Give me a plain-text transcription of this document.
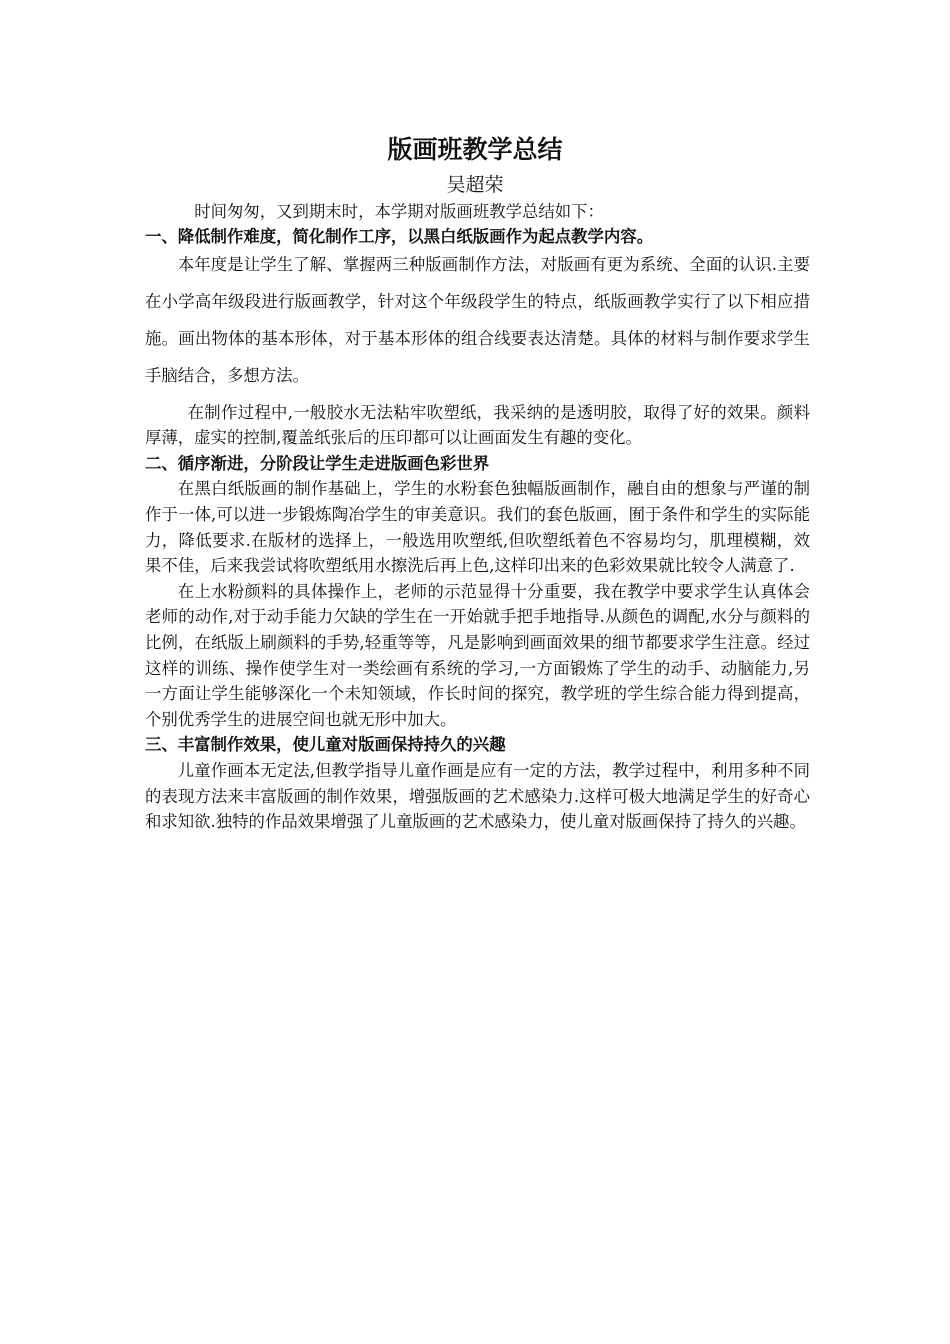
版画班教学总结
吴超荣

时间匆匆，又到期末时，本学期对版画班教学总结如下：

一、降低制作难度，简化制作工序，以黑白纸版画作为起点教学内容。

本年度是让学生了解、掌握两三种版画制作方法，对版画有更为系统、全面的认识.主要在小学高年级段进行版画教学，针对这个年级段学生的特点，纸版画教学实行了以下相应措施。画出物体的基本形体，对于基本形体的组合线要表达清楚。具体的材料与制作要求学生手脑结合，多想方法。

在制作过程中,一般胶水无法粘牢吹塑纸，我采纳的是透明胶，取得了好的效果。颜料厚薄，虚实的控制,覆盖纸张后的压印都可以让画面发生有趣的变化。

二、循序渐进，分阶段让学生走进版画色彩世界

在黑白纸版画的制作基础上，学生的水粉套色独幅版画制作，融自由的想象与严谨的制作于一体,可以进一步锻炼陶冶学生的审美意识。我们的套色版画，囿于条件和学生的实际能力，降低要求.在版材的选择上，一般选用吹塑纸,但吹塑纸着色不容易均匀，肌理模糊，效果不佳，后来我尝试将吹塑纸用水擦洗后再上色,这样印出来的色彩效果就比较令人满意了.

在上水粉颜料的具体操作上，老师的示范显得十分重要，我在教学中要求学生认真体会老师的动作,对于动手能力欠缺的学生在一开始就手把手地指导.从颜色的调配,水分与颜料的比例，在纸版上刷颜料的手势,轻重等等，凡是影响到画面效果的细节都要求学生注意。经过这样的训练、操作使学生对一类绘画有系统的学习,一方面锻炼了学生的动手、动脑能力,另一方面让学生能够深化一个未知领域，作长时间的探究，教学班的学生综合能力得到提高，个别优秀学生的进展空间也就无形中加大。

三、丰富制作效果，使儿童对版画保持持久的兴趣

儿童作画本无定法,但教学指导儿童作画是应有一定的方法，教学过程中，利用多种不同的表现方法来丰富版画的制作效果，增强版画的艺术感染力.这样可极大地满足学生的好奇心和求知欲.独特的作品效果增强了儿童版画的艺术感染力，使儿童对版画保持了持久的兴趣。
